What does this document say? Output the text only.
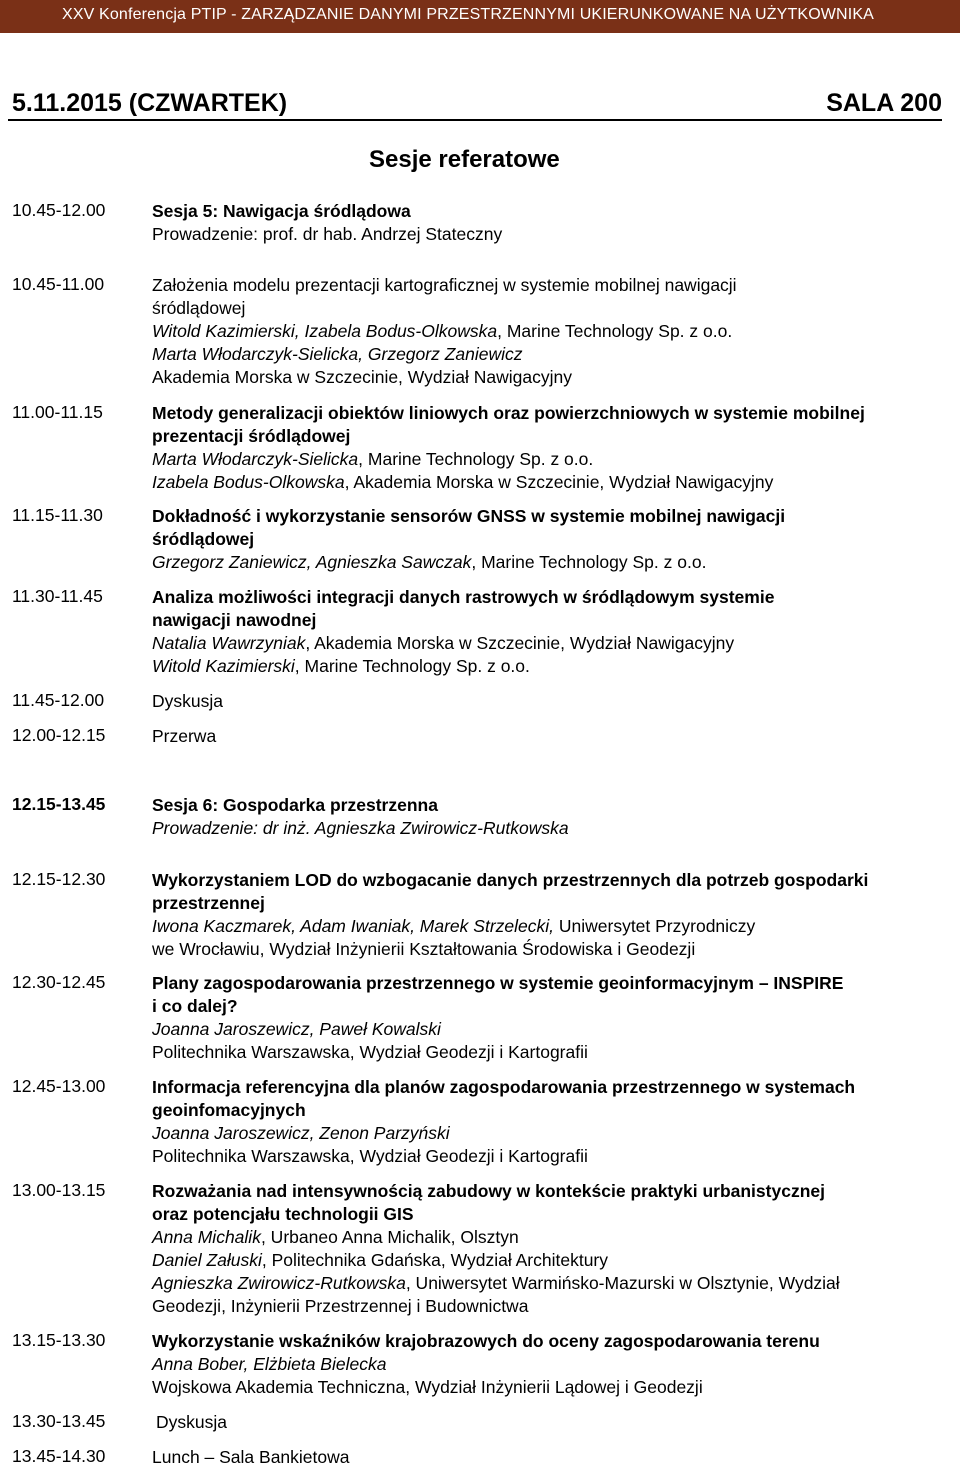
XXV Konferencja PTIP - ZARZĄDZANIE DANYMI PRZESTRZENNYMI UKIERUNKOWANE NA UŻYTKOWNIKA
5.11.2015 (CZWARTEK)	SALA 200
Sesje referatowe
10.45-12.00	Sesja 5: Nawigacja śródlądowa
Prowadzenie: prof. dr hab. Andrzej Stateczny
10.45-11.00	Założenia modelu prezentacji kartograficznej w systemie mobilnej nawigacji
śródlądowej
Witold Kazimierski, Izabela Bodus-Olkowska, Marine Technology Sp. z o.o.
Marta Włodarczyk-Sielicka, Grzegorz Zaniewicz
Akademia Morska w Szczecinie, Wydział Nawigacyjny
11.00-11.15	Metody generalizacji obiektów liniowych oraz powierzchniowych w systemie mobilnej
prezentacji śródlądowej
Marta Włodarczyk-Sielicka, Marine Technology Sp. z o.o.
Izabela Bodus-Olkowska, Akademia Morska w Szczecinie, Wydział Nawigacyjny
11.15-11.30	Dokładność i wykorzystanie sensorów GNSS w systemie mobilnej nawigacji
śródlądowej
Grzegorz Zaniewicz, Agnieszka Sawczak, Marine Technology Sp. z o.o.
11.30-11.45	Analiza możliwości integracji danych rastrowych w śródlądowym systemie
nawigacji nawodnej
Natalia Wawrzyniak, Akademia Morska w Szczecinie, Wydział Nawigacyjny
Witold Kazimierski, Marine Technology Sp. z o.o.
11.45-12.00	Dyskusja
12.00-12.15	Przerwa
12.15-13.45	Sesja 6: Gospodarka przestrzenna
Prowadzenie: dr inż. Agnieszka Zwirowicz-Rutkowska
12.15-12.30	Wykorzystaniem LOD do wzbogacanie danych przestrzennych dla potrzeb gospodarki
przestrzennej
Iwona Kaczmarek, Adam Iwaniak, Marek Strzelecki, Uniwersytet Przyrodniczy
we Wrocławiu, Wydział Inżynierii Kształtowania Środowiska i Geodezji
12.30-12.45	Plany zagospodarowania przestrzennego w systemie geoinformacyjnym – INSPIRE
i co dalej?
Joanna Jaroszewicz, Paweł Kowalski
Politechnika Warszawska, Wydział Geodezji i Kartografii
12.45-13.00	Informacja referencyjna dla planów zagospodarowania przestrzennego w systemach
geoinfomacyjnych
Joanna Jaroszewicz, Zenon Parzyński
Politechnika Warszawska, Wydział Geodezji i Kartografii
13.00-13.15	Rozważania nad intensywnością zabudowy w kontekście praktyki urbanistycznej
oraz potencjału technologii GIS
Anna Michalik, Urbaneo Anna Michalik, Olsztyn
Daniel Załuski, Politechnika Gdańska, Wydział Architektury
Agnieszka Zwirowicz-Rutkowska, Uniwersytet Warmińsko-Mazurski w Olsztynie, Wydział
Geodezji, Inżynierii Przestrzennej i Budownictwa
13.15-13.30	Wykorzystanie wskaźników krajobrazowych do oceny zagospodarowania terenu
Anna Bober, Elżbieta Bielecka
Wojskowa Akademia Techniczna, Wydział Inżynierii Lądowej i Geodezji
13.30-13.45	Dyskusja
13.45-14.30	Lunch – Sala Bankietowa
